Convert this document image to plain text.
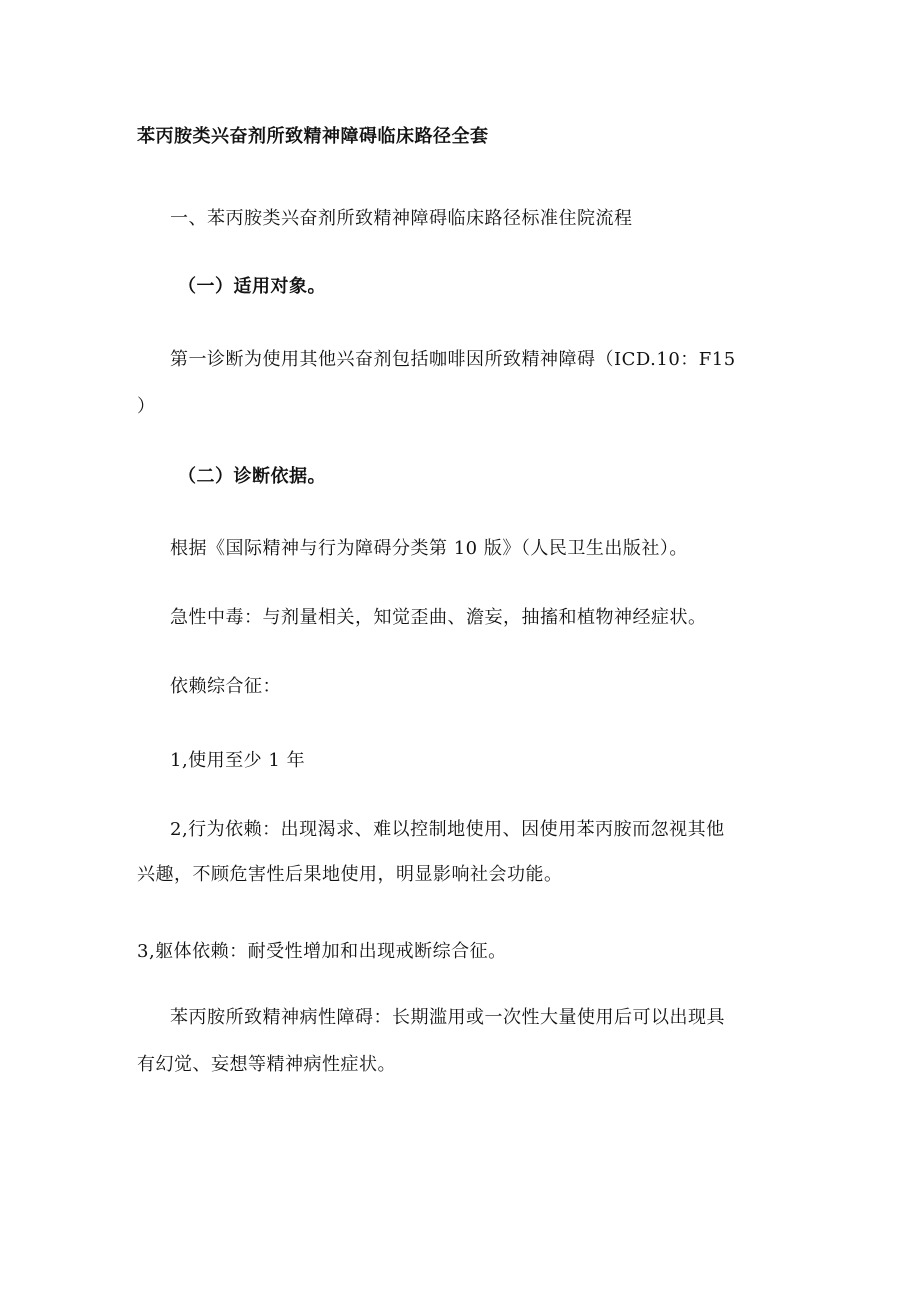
苯丙胺类兴奋剂所致精神障碍临床路径全套
一、苯丙胺类兴奋剂所致精神障碍临床路径标准住院流程
（一）适用对象。
第一诊断为使用其他兴奋剂包括咖啡因所致精神障碍（ICD.10：F15
）
（二）诊断依据。
根据《国际精神与行为障碍分类第 10 版》（人民卫生出版社）。
急性中毒：与剂量相关，知觉歪曲、澹妄，抽搐和植物神经症状。
依赖综合征：
1,使用至少 1 年
2,行为依赖：出现渴求、难以控制地使用、因使用苯丙胺而忽视其他
兴趣，不顾危害性后果地使用，明显影响社会功能。
3,躯体依赖：耐受性增加和出现戒断综合征。
苯丙胺所致精神病性障碍：长期滥用或一次性大量使用后可以出现具
有幻觉、妄想等精神病性症状。
